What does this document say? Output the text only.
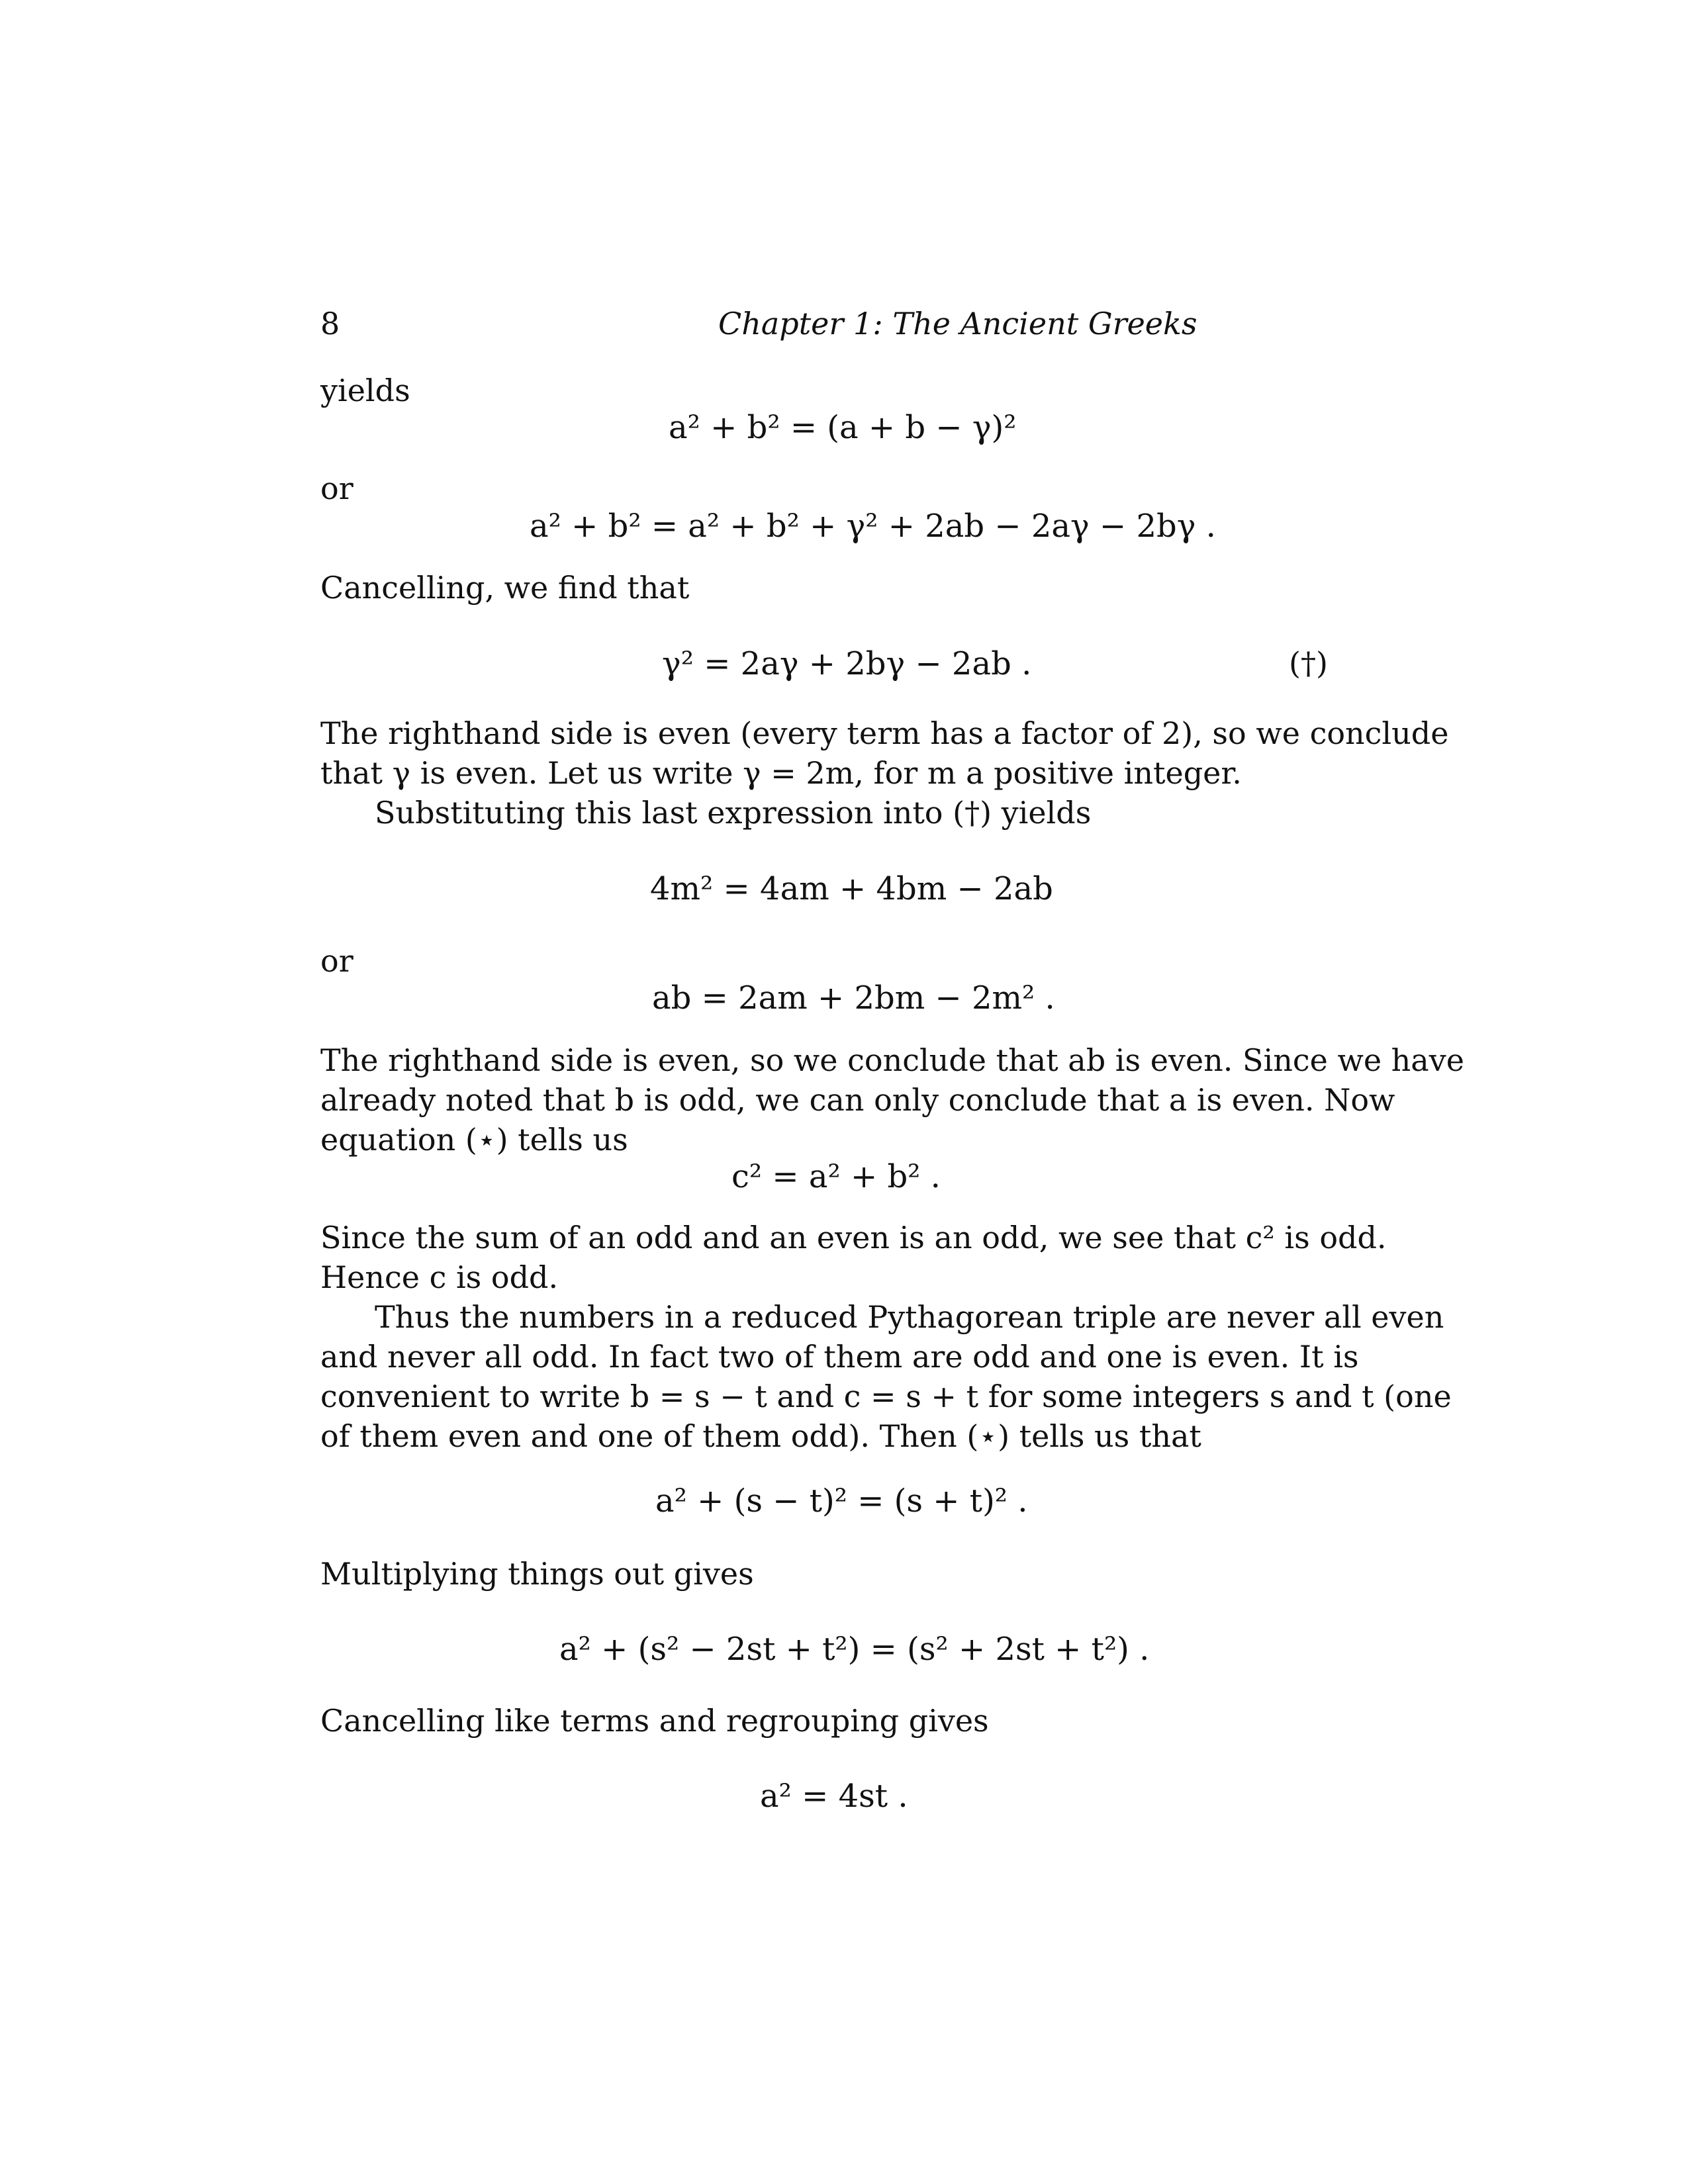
8	Chapter 1: The Ancient Greeks
yields
a² + b² = (a + b − γ)²
or
a² + b² = a² + b² + γ² + 2ab − 2aγ − 2bγ .
Cancelling, we find that
γ² = 2aγ + 2bγ − 2ab .	(†)
The righthand side is even (every term has a factor of 2), so we conclude
that γ is even. Let us write γ = 2m, for m a positive integer.
Substituting this last expression into (†) yields
4m² = 4am + 4bm − 2ab
or
ab = 2am + 2bm − 2m² .
The righthand side is even, so we conclude that ab is even. Since we have
already noted that b is odd, we can only conclude that a is even. Now
equation (⋆) tells us
c² = a² + b² .
Since the sum of an odd and an even is an odd, we see that c² is odd.
Hence c is odd.
Thus the numbers in a reduced Pythagorean triple are never all even
and never all odd. In fact two of them are odd and one is even. It is
convenient to write b = s − t and c = s + t for some integers s and t (one
of them even and one of them odd). Then (⋆) tells us that
a² + (s − t)² = (s + t)² .
Multiplying things out gives
a² + (s² − 2st + t²) = (s² + 2st + t²) .
Cancelling like terms and regrouping gives
a² = 4st .
